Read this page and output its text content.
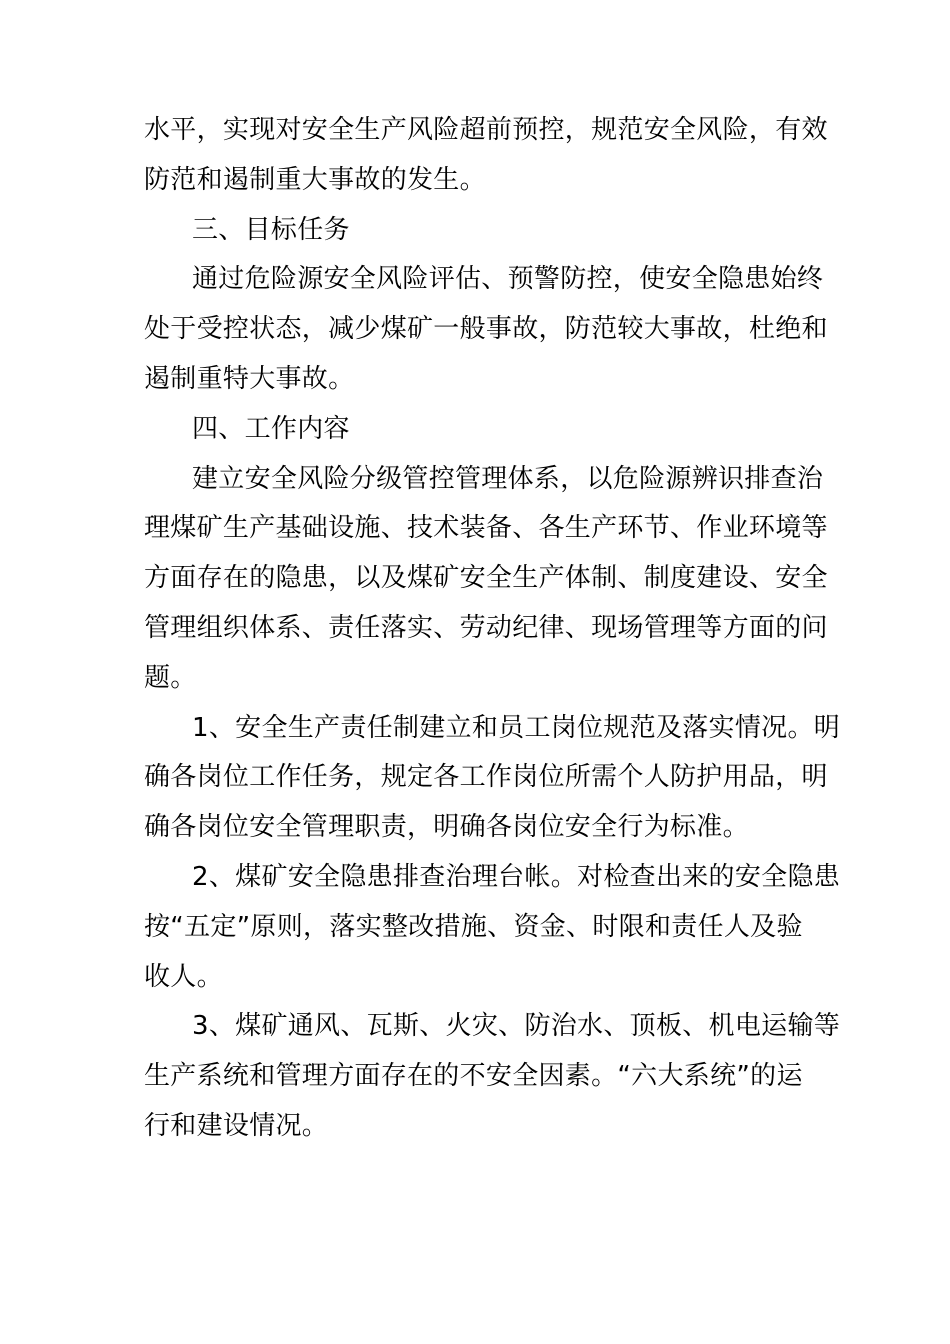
水平，实现对安全生产风险超前预控，规范安全风险，有效
防范和遏制重大事故的发生。

三、目标任务

通过危险源安全风险评估、预警防控，使安全隐患始终
处于受控状态，减少煤矿一般事故，防范较大事故，杜绝和
遏制重特大事故。

四、工作内容

建立安全风险分级管控管理体系，以危险源辨识排查治
理煤矿生产基础设施、技术装备、各生产环节、作业环境等
方面存在的隐患，以及煤矿安全生产体制、制度建设、安全
管理组织体系、责任落实、劳动纪律、现场管理等方面的问
题。

1、安全生产责任制建立和员工岗位规范及落实情况。明
确各岗位工作任务，规定各工作岗位所需个人防护用品，明
确各岗位安全管理职责，明确各岗位安全行为标准。

2、煤矿安全隐患排查治理台帐。对检查出来的安全隐患
按“五定”原则，落实整改措施、资金、时限和责任人及验
收人。

3、煤矿通风、瓦斯、火灾、防治水、顶板、机电运输等
生产系统和管理方面存在的不安全因素。“六大系统”的运
行和建设情况。
